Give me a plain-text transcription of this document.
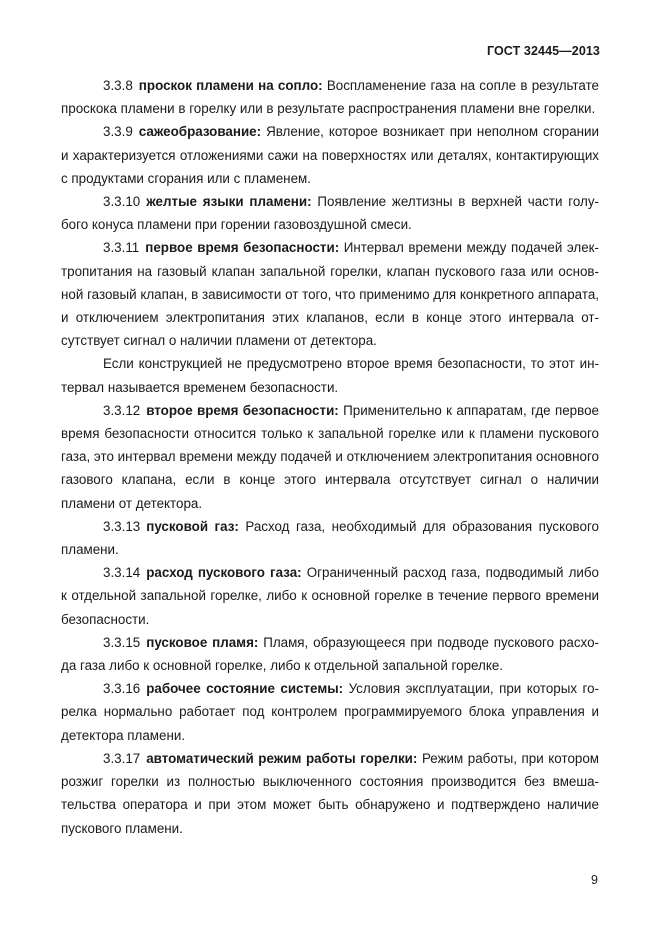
ГОСТ 32445—2013

3.3.8 проскок пламени на сопло: Воспламенение газа на сопле в результате проскока пламени в горелку или в результате распространения пламени вне горелки.

3.3.9 сажеобразование: Явление, которое возникает при неполном сгорании и характеризуется отложениями сажи на поверхностях или деталях, контактирующих с продуктами сгорания или с пламенем.

3.3.10 желтые языки пламени: Появление желтизны в верхней части голубого конуса пламени при горении газовоздушной смеси.

3.3.11 первое время безопасности: Интервал времени между подачей электропитания на газовый клапан запальной горелки, клапан пускового газа или основной газовый клапан, в зависимости от того, что применимо для конкретного аппарата, и отключением электропитания этих клапанов, если в конце этого интервала отсутствует сигнал о наличии пламени от детектора.

Если конструкцией не предусмотрено второе время безопасности, то этот интервал называется временем безопасности.

3.3.12 второе время безопасности: Применительно к аппаратам, где первое время безопасности относится только к запальной горелке или к пламени пускового газа, это интервал времени между подачей и отключением электропитания основного газового клапана, если в конце этого интервала отсутствует сигнал о наличии пламени от детектора.

3.3.13 пусковой газ: Расход газа, необходимый для образования пускового пламени.

3.3.14 расход пускового газа: Ограниченный расход газа, подводимый либо к отдельной запальной горелке, либо к основной горелке в течение первого времени безопасности.

3.3.15 пусковое пламя: Пламя, образующееся при подводе пускового расхода газа либо к основной горелке, либо к отдельной запальной горелке.

3.3.16 рабочее состояние системы: Условия эксплуатации, при которых горелка нормально работает под контролем программируемого блока управления и детектора пламени.

3.3.17 автоматический режим работы горелки: Режим работы, при котором розжиг горелки из полностью выключенного состояния производится без вмешательства оператора и при этом может быть обнаружено и подтверждено наличие пускового пламени.

9
